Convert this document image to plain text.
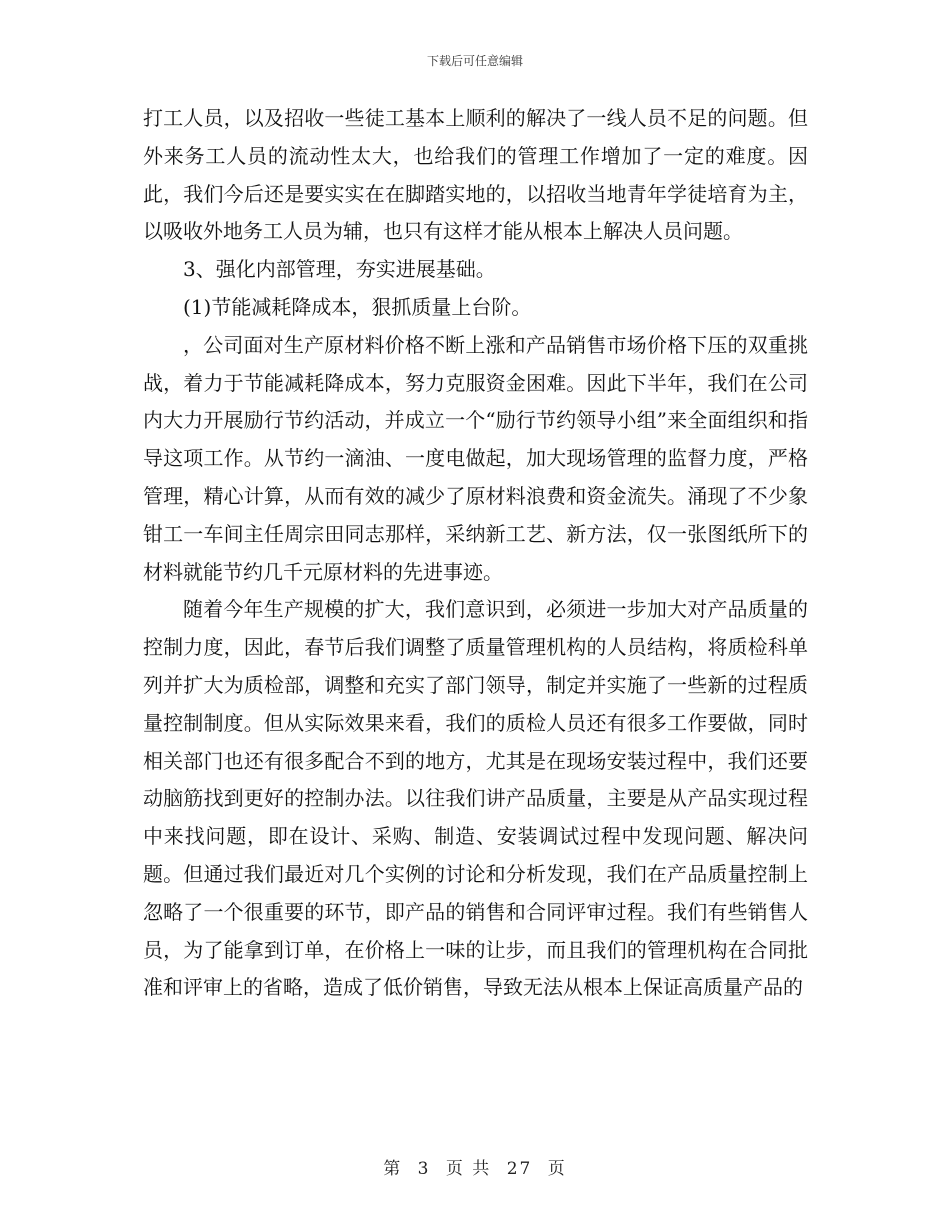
下载后可任意编辑

打工人员，以及招收一些徒工基本上顺利的解决了一线人员不足的问题。但外来务工人员的流动性太大，也给我们的管理工作增加了一定的难度。因此，我们今后还是要实实在在脚踏实地的，以招收当地青年学徒培育为主，以吸收外地务工人员为辅，也只有这样才能从根本上解决人员问题。

3、强化内部管理，夯实进展基础。

(1)节能减耗降成本，狠抓质量上台阶。

，公司面对生产原材料价格不断上涨和产品销售市场价格下压的双重挑战，着力于节能减耗降成本，努力克服资金困难。因此下半年，我们在公司内大力开展励行节约活动，并成立一个“励行节约领导小组”来全面组织和指导这项工作。从节约一滴油、一度电做起，加大现场管理的监督力度，严格管理，精心计算，从而有效的减少了原材料浪费和资金流失。涌现了不少象钳工一车间主任周宗田同志那样，采纳新工艺、新方法，仅一张图纸所下的材料就能节约几千元原材料的先进事迹。

随着今年生产规模的扩大，我们意识到，必须进一步加大对产品质量的控制力度，因此，春节后我们调整了质量管理机构的人员结构，将质检科单列并扩大为质检部，调整和充实了部门领导，制定并实施了一些新的过程质量控制制度。但从实际效果来看，我们的质检人员还有很多工作要做，同时相关部门也还有很多配合不到的地方，尤其是在现场安装过程中，我们还要动脑筋找到更好的控制办法。以往我们讲产品质量，主要是从产品实现过程中来找问题，即在设计、采购、制造、安装调试过程中发现问题、解决问题。但通过我们最近对几个实例的讨论和分析发现，我们在产品质量控制上忽略了一个很重要的环节，即产品的销售和合同评审过程。我们有些销售人员，为了能拿到订单，在价格上一味的让步，而且我们的管理机构在合同批准和评审上的省略，造成了低价销售，导致无法从根本上保证高质量产品的

第 3 页 共 27 页
